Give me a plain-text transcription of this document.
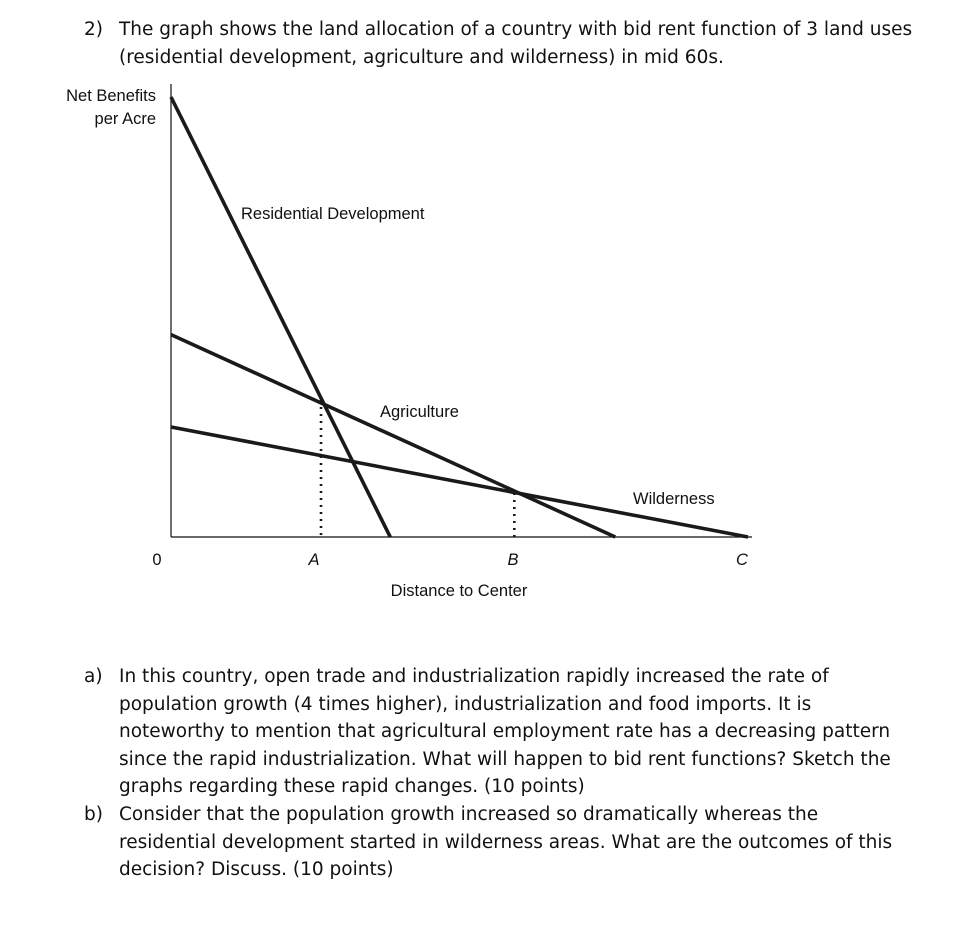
2) The graph shows the land allocation of a country with bid rent function of 3 land uses
(residential development, agriculture and wilderness) in mid 60s.
Net Benefits
per Acre
Residential Development
Agriculture
Wilderness
0	A	B	C
Distance to Center
a) In this country, open trade and industrialization rapidly increased the rate of
population growth (4 times higher), industrialization and food imports. It is
noteworthy to mention that agricultural employment rate has a decreasing pattern
since the rapid industrialization. What will happen to bid rent functions? Sketch the
graphs regarding these rapid changes. (10 points)
b) Consider that the population growth increased so dramatically whereas the
residential development started in wilderness areas. What are the outcomes of this
decision? Discuss. (10 points)
